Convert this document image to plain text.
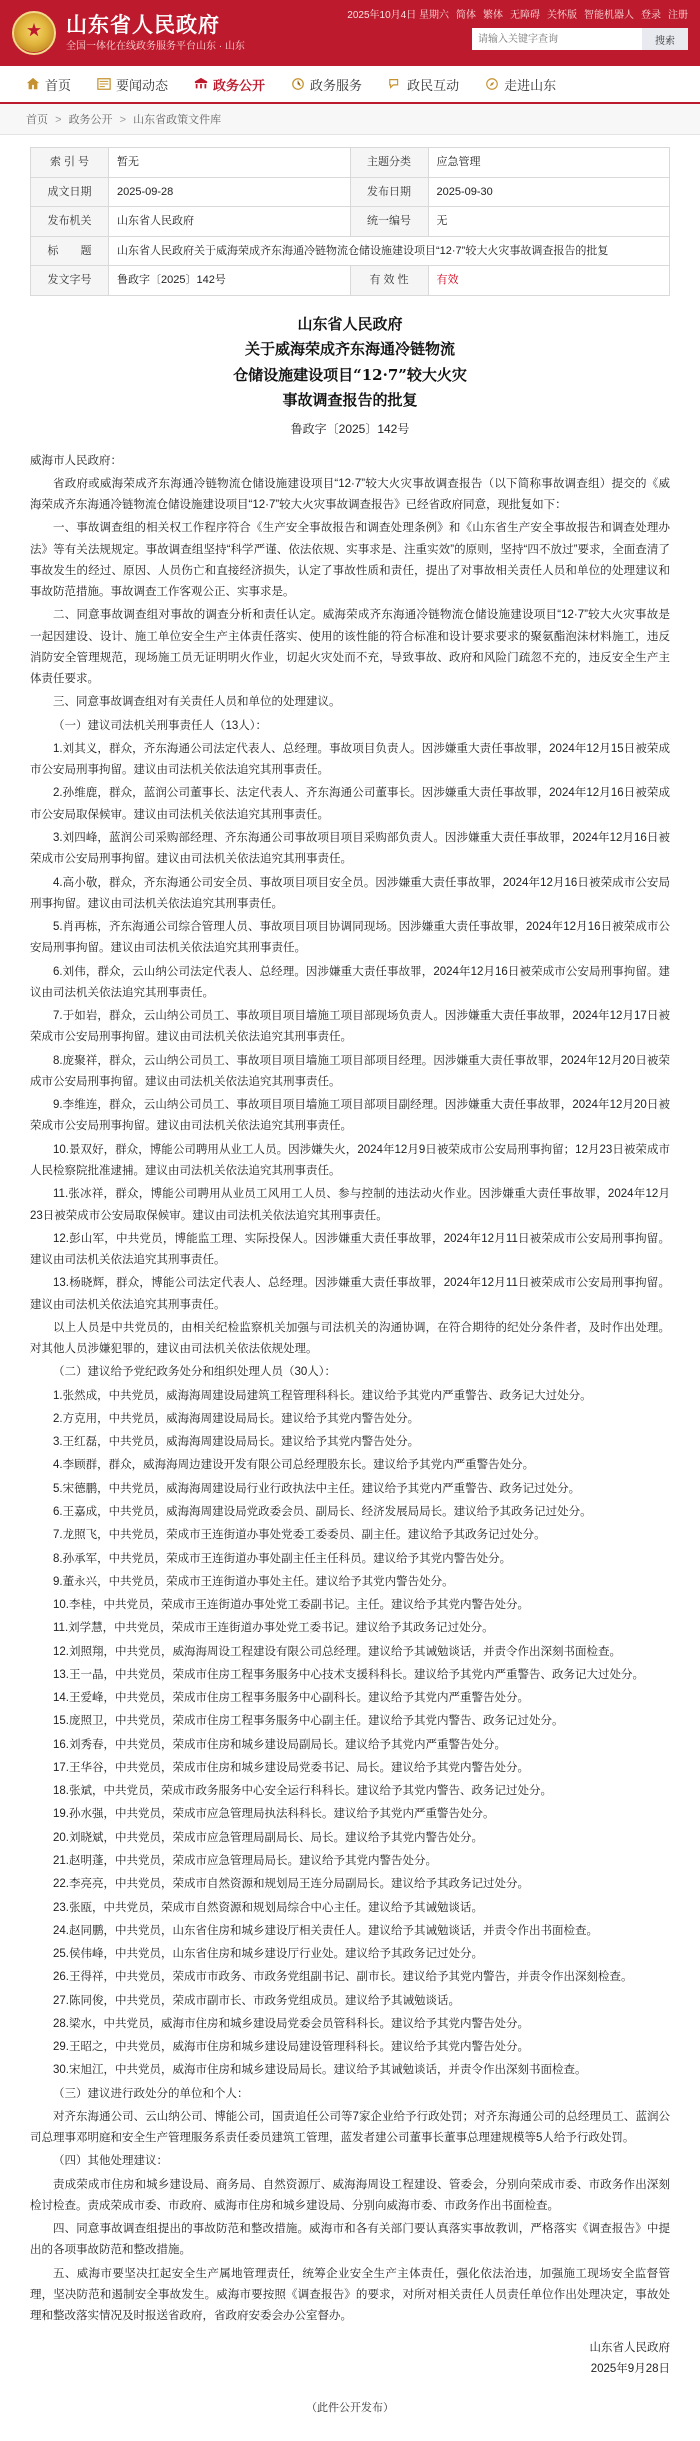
★
山东省人民政府
全国一体化在线政务服务平台山东 · 山东
2025年10月4日 星期六 简体 繁体 无障碍 关怀版 智能机器人 登录 注册
请输入关键字查询
搜索
首页	要闻动态	政务公开	政务服务	政民互动	走进山东
首页 > 政务公开 > 山东省政策文件库
索 引 号	暂无	主题分类	应急管理
成文日期	2025-09-28	发布日期	2025-09-30
发布机关	山东省人民政府	统一编号	无
标　　题	山东省人民政府关于威海荣成齐东海通冷链物流仓储设施建设项目“12·7”较大火灾事故调查报告的批复		
发文字号	鲁政字〔2025〕142号	有 效 性	有效
山东省人民政府
关于威海荣成齐东海通冷链物流
仓储设施建设项目“12·7”较大火灾
事故调查报告的批复
鲁政字〔2025〕142号

威海市人民政府：

省政府或威海荣成齐东海通冷链物流仓储设施建设项目“12·7”较大火灾事故调查报告（以下简称事故调查组）提交的《威海荣成齐东海通冷链物流仓储设施建设项目“12·7”较大火灾事故调查报告》已经省政府同意，现批复如下：

一、事故调查组的相关权工作程序符合《生产安全事故报告和调查处理条例》和《山东省生产安全事故报告和调查处理办法》等有关法规规定。事故调查组坚持“科学严谨、依法依规、实事求是、注重实效”的原则，坚持“四不放过”要求，全面查清了事故发生的经过、原因、人员伤亡和直接经济损失，认定了事故性质和责任，提出了对事故相关责任人员和单位的处理建议和事故防范措施。事故调查工作客观公正、实事求是。

二、同意事故调查组对事故的调查分析和责任认定。威海荣成齐东海通冷链物流仓储设施建设项目“12·7”较大火灾事故是一起因建设、设计、施工单位安全生产主体责任落实、使用的该性能的符合标准和设计要求要求的聚氨酯泡沫材料施工，违反消防安全管理规范，现场施工员无证明明火作业，切起火灾处而不充，导致事故、政府和风险门疏忽不充的，违反安全生产主体责任要求。

三、同意事故调查组对有关责任人员和单位的处理建议。

（一）建议司法机关刑事责任人（13人）：

1.刘其义，群众，齐东海通公司法定代表人、总经理。事故项目负责人。因涉嫌重大责任事故罪，2024年12月15日被荣成市公安局刑事拘留。建议由司法机关依法追究其刑事责任。

2.孙维鹿，群众，蓝润公司董事长、法定代表人、齐东海通公司董事长。因涉嫌重大责任事故罪，2024年12月16日被荣成市公安局取保候审。建议由司法机关依法追究其刑事责任。

3.刘四峰，蓝润公司采购部经理、齐东海通公司事故项目项目采购部负责人。因涉嫌重大责任事故罪，2024年12月16日被荣成市公安局刑事拘留。建议由司法机关依法追究其刑事责任。

4.高小敬，群众，齐东海通公司安全员、事故项目项目安全员。因涉嫌重大责任事故罪，2024年12月16日被荣成市公安局刑事拘留。建议由司法机关依法追究其刑事责任。

5.肖再栋，齐东海通公司综合管理人员、事故项目项目协调同现场。因涉嫌重大责任事故罪，2024年12月16日被荣成市公安局刑事拘留。建议由司法机关依法追究其刑事责任。

6.刘伟，群众，云山纳公司法定代表人、总经理。因涉嫌重大责任事故罪，2024年12月16日被荣成市公安局刑事拘留。建议由司法机关依法追究其刑事责任。

7.于如岩，群众，云山纳公司员工、事故项目项目墙施工项目部现场负责人。因涉嫌重大责任事故罪，2024年12月17日被荣成市公安局刑事拘留。建议由司法机关依法追究其刑事责任。

8.庞聚祥，群众，云山纳公司员工、事故项目项目墙施工项目部项目经理。因涉嫌重大责任事故罪，2024年12月20日被荣成市公安局刑事拘留。建议由司法机关依法追究其刑事责任。

9.李维连，群众，云山纳公司员工、事故项目项目墙施工项目部项目副经理。因涉嫌重大责任事故罪，2024年12月20日被荣成市公安局刑事拘留。建议由司法机关依法追究其刑事责任。

10.景双好，群众，博能公司聘用从业工人员。因涉嫌失火，2024年12月9日被荣成市公安局刑事拘留；12月23日被荣成市人民检察院批准逮捕。建议由司法机关依法追究其刑事责任。

11.张冰祥，群众，博能公司聘用从业员工风用工人员、参与控制的违法动火作业。因涉嫌重大责任事故罪，2024年12月23日被荣成市公安局取保候审。建议由司法机关依法追究其刑事责任。

12.彭山军，中共党员，博能监工理、实际投保人。因涉嫌重大责任事故罪，2024年12月11日被荣成市公安局刑事拘留。建议由司法机关依法追究其刑事责任。

13.杨晓辉，群众，博能公司法定代表人、总经理。因涉嫌重大责任事故罪，2024年12月11日被荣成市公安局刑事拘留。建议由司法机关依法追究其刑事责任。

以上人员是中共党员的，由相关纪检监察机关加强与司法机关的沟通协调，在符合期待的纪处分条件者，及时作出处理。对其他人员涉嫌犯罪的，建议由司法机关依法依规处理。

（二）建议给予党纪政务处分和组织处理人员（30人）：

1.张然成，中共党员，威海海周建设局建筑工程管理科科长。建议给予其党内严重警告、政务记大过处分。

2.方克用，中共党员，威海海周建设局局长。建议给予其党内警告处分。

3.王红磊，中共党员，威海海周建设局局长。建议给予其党内警告处分。

4.李顾群，群众，威海海周边建设开发有限公司总经理股东长。建议给予其党内严重警告处分。

5.宋德鹏，中共党员，威海海周建设局行业行政执法中主任。建议给予其党内严重警告、政务记过处分。

6.王嘉成，中共党员，威海海周建设局党政委会员、副局长、经济发展局局长。建议给予其政务记过处分。

7.龙照飞，中共党员，荣成市王连街道办事处党委工委委员、副主任。建议给予其政务记过处分。

8.孙承军，中共党员，荣成市王连街道办事处副主任主任科员。建议给予其党内警告处分。

9.董永兴，中共党员，荣成市王连街道办事处主任。建议给予其党内警告处分。

10.李桂，中共党员，荣成市王连街道办事处党工委副书记。主任。建议给予其党内警告处分。

11.刘学慧，中共党员，荣成市王连街道办事处党工委书记。建议给予其政务记过处分。

12.刘照翔，中共党员，威海海周设工程建设有限公司总经理。建议给予其诫勉谈话，并责令作出深刻书面检查。

13.王一晶，中共党员，荣成市住房工程事务服务中心技术支援科科长。建议给予其党内严重警告、政务记大过处分。

14.王爱峰，中共党员，荣成市住房工程事务服务中心副科长。建议给予其党内严重警告处分。

15.庞照卫，中共党员，荣成市住房工程事务服务中心副主任。建议给予其党内警告、政务记过处分。

16.刘秀春，中共党员，荣成市住房和城乡建设局副局长。建议给予其党内严重警告处分。

17.王华谷，中共党员，荣成市住房和城乡建设局党委书记、局长。建议给予其党内警告处分。

18.张斌，中共党员，荣成市政务服务中心安全运行科科长。建议给予其党内警告、政务记过处分。

19.孙水强，中共党员，荣成市应急管理局执法科科长。建议给予其党内严重警告处分。

20.刘晓斌，中共党员，荣成市应急管理局副局长、局长。建议给予其党内警告处分。

21.赵明蓬，中共党员，荣成市应急管理局局长。建议给予其党内警告处分。

22.李亮亮，中共党员，荣成市自然资源和规划局王连分局副局长。建议给予其政务记过处分。

23.张瓯，中共党员，荣成市自然资源和规划局综合中心主任。建议给予其诫勉谈话。

24.赵同鹏，中共党员，山东省住房和城乡建设厅相关责任人。建议给予其诫勉谈话，并责令作出书面检查。

25.侯伟峰，中共党员，山东省住房和城乡建设厅行业处。建议给予其政务记过处分。

26.王得祥，中共党员，荣成市市政务、市政务党组副书记、副市长。建议给予其党内警告，并责令作出深刻检查。

27.陈同俊，中共党员，荣成市副市长、市政务党组成员。建议给予其诫勉谈话。

28.梁水，中共党员，威海市住房和城乡建设局党委会员管科科长。建议给予其党内警告处分。

29.王昭之，中共党员，威海市住房和城乡建设局建设管理科科长。建议给予其党内警告处分。

30.宋旭江，中共党员，威海市住房和城乡建设局局长。建议给予其诫勉谈话，并责令作出深刻书面检查。

（三）建议进行政处分的单位和个人：

对齐东海通公司、云山纳公司、博能公司，国责追任公司等7家企业给予行政处罚；对齐东海通公司的总经理员工、蓝润公司总理事邓明庭和安全生产管理服务系责任委员建筑工管理，蓝发者建公司董事长董事总理建规模等5人给予行政处罚。

（四）其他处理建议：

责成荣成市住房和城乡建设局、商务局、自然资源厅、威海海周设工程建设、管委会，分别向荣成市委、市政务作出深刻检讨检查。责成荣成市委、市政府、威海市住房和城乡建设局、分别向威海市委、市政务作出书面检查。

四、同意事故调查组提出的事故防范和整改措施。威海市和各有关部门要认真落实事故教训，严格落实《调查报告》中提出的各项事故防范和整改措施。

五、威海市要坚决扛起安全生产属地管理责任，统筹企业安全生产主体责任，强化依法治违，加强施工现场安全监督管理，坚决防范和遏制安全事故发生。威海市要按照《调查报告》的要求，对所对相关责任人员责任单位作出处理决定，事故处理和整改落实情况及时报送省政府，省政府安委会办公室督办。

山东省人民政府
2025年9月28日
（此件公开发布）
